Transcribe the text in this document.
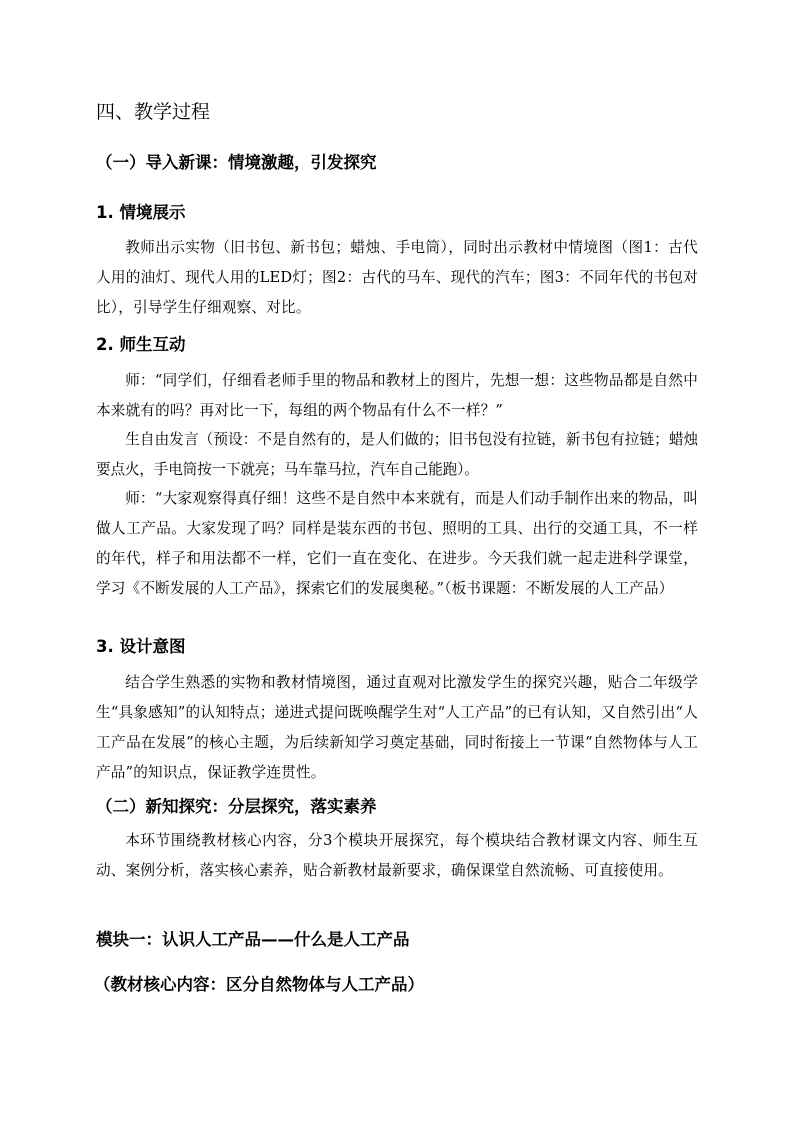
四、教学过程
（一）导入新课：情境激趣，引发探究
1. 情境展示

教师出示实物（旧书包、新书包；蜡烛、手电筒），同时出示教材中情境图（图1：古代人用的油灯、现代人用的LED灯；图2：古代的马车、现代的汽车；图3：不同年代的书包对比），引导学生仔细观察、对比。

2. 师生互动

师：“同学们，仔细看老师手里的物品和教材上的图片，先想一想：这些物品都是自然中本来就有的吗？再对比一下，每组的两个物品有什么不一样？”

生自由发言（预设：不是自然有的，是人们做的；旧书包没有拉链，新书包有拉链；蜡烛要点火，手电筒按一下就亮；马车靠马拉，汽车自己能跑）。

师：“大家观察得真仔细！这些不是自然中本来就有，而是人们动手制作出来的物品，叫做人工产品。大家发现了吗？同样是装东西的书包、照明的工具、出行的交通工具，不一样的年代，样子和用法都不一样，它们一直在变化、在进步。今天我们就一起走进科学课堂，学习《不断发展的人工产品》，探索它们的发展奥秘。”（板书课题：不断发展的人工产品）

3. 设计意图

结合学生熟悉的实物和教材情境图，通过直观对比激发学生的探究兴趣，贴合二年级学生“具象感知”的认知特点；递进式提问既唤醒学生对“人工产品”的已有认知，又自然引出“人工产品在发展”的核心主题，为后续新知学习奠定基础，同时衔接上一节课“自然物体与人工产品”的知识点，保证教学连贯性。

（二）新知探究：分层探究，落实素养

本环节围绕教材核心内容，分3个模块开展探究，每个模块结合教材课文内容、师生互动、案例分析，落实核心素养，贴合新教材最新要求，确保课堂自然流畅、可直接使用。

模块一：认识人工产品——什么是人工产品
（教材核心内容：区分自然物体与人工产品）
